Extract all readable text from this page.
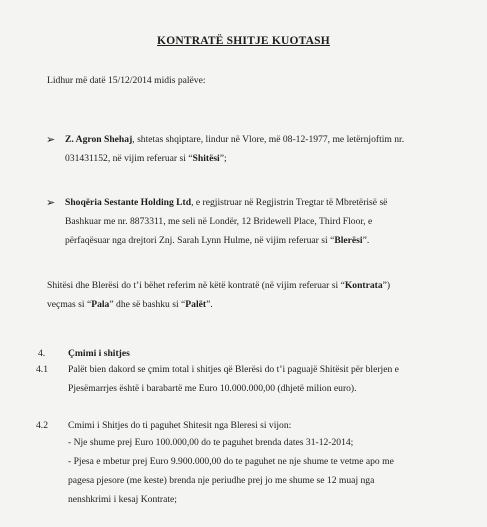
KONTRATË SHITJE KUOTASH
Lidhur më datë 15/12/2014 midis palëve:
➢ Z. Agron Shehaj, shtetas shqiptare, lindur në Vlore, më 08-12-1977, me letërnjoftim nr.
031431152, në vijim referuar si “Shitësi”;
➢ Shoqëria Sestante Holding Ltd, e regjistruar në Regjistrin Tregtar të Mbretërisë së
Bashkuar me nr. 8873311, me seli në Londër, 12 Bridewell Place, Third Floor, e
përfaqësuar nga drejtori Znj. Sarah Lynn Hulme, në vijim referuar si “Blerësi”.
Shitësi dhe Blerësi do t’i bëhet referim në këtë kontratë (në vijim referuar si “Kontrata”)
veçmas si “Pala” dhe së bashku si “Palët”.
4. Çmimi i shitjes
4.1 Palët bien dakord se çmim total i shitjes që Blerësi do t’i paguajë Shitësit për blerjen e
Pjesëmarrjes është i barabartë me Euro 10.000.000,00 (dhjetë milion euro).
4.2 Cmimi i Shitjes do ti paguhet Shitesit nga Bleresi si vijon:
- Nje shume prej Euro 100.000,00 do te paguhet brenda dates 31-12-2014;
- Pjesa e mbetur prej Euro 9.900.000,00 do te paguhet ne nje shume te vetme apo me
pagesa pjesore (me keste) brenda nje periudhe prej jo me shume se 12 muaj nga
nenshkrimi i kesaj Kontrate;
